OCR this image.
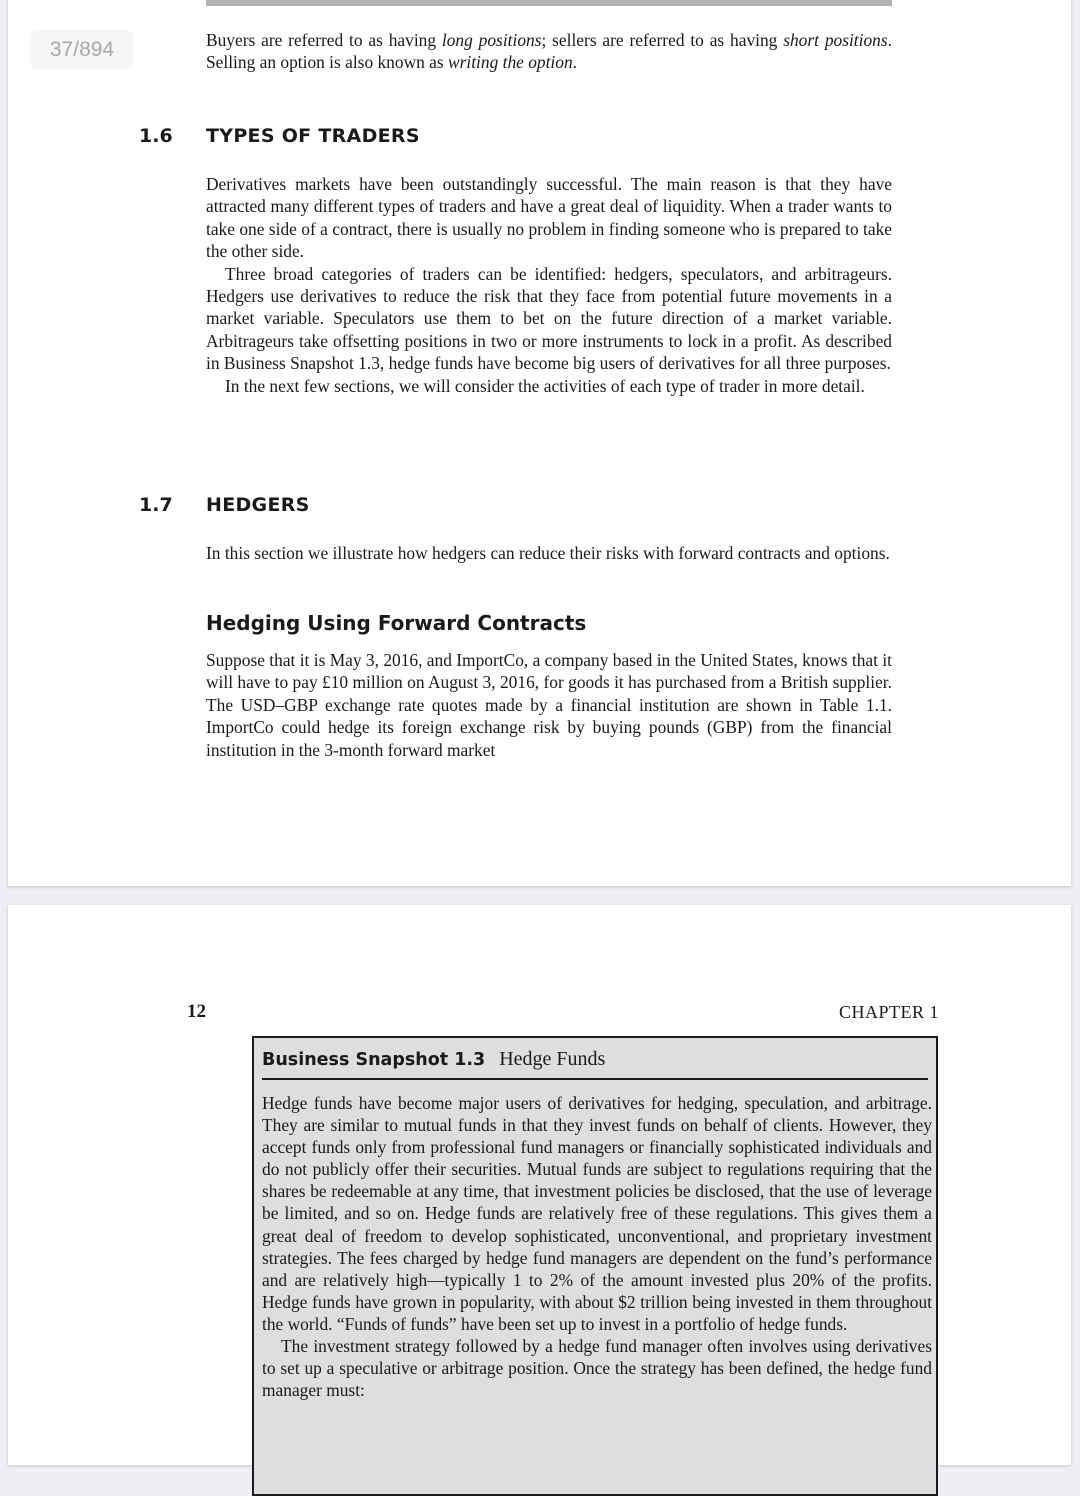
37/894	Buyers are referred to as having long positions; sellers are referred to as having short positions. Selling an option is also known as writing the option.

1.6 TYPES OF TRADERS

Derivatives markets have been outstandingly successful. The main reason is that they have attracted many different types of traders and have a great deal of liquidity. When a trader wants to take one side of a contract, there is usually no problem in finding someone who is prepared to take the other side.

Three broad categories of traders can be identified: hedgers, speculators, and arbitrageurs. Hedgers use derivatives to reduce the risk that they face from potential future movements in a market variable. Speculators use them to bet on the future direction of a market variable. Arbitrageurs take offsetting positions in two or more instruments to lock in a profit. As described in Business Snapshot 1.3, hedge funds have become big users of derivatives for all three purposes.

In the next few sections, we will consider the activities of each type of trader in more detail.

1.7 HEDGERS

In this section we illustrate how hedgers can reduce their risks with forward contracts and options.

Hedging Using Forward Contracts

Suppose that it is May 3, 2016, and ImportCo, a company based in the United States, knows that it will have to pay £10 million on August 3, 2016, for goods it has purchased from a British supplier. The USD–GBP exchange rate quotes made by a financial institution are shown in Table 1.1. ImportCo could hedge its foreign exchange risk by buying pounds (GBP) from the financial institution in the 3-month forward market

12	CHAPTER 1
Business Snapshot 1.3 Hedge Funds

Hedge funds have become major users of derivatives for hedging, speculation, and arbitrage. They are similar to mutual funds in that they invest funds on behalf of clients. However, they accept funds only from professional fund managers or financially sophisticated individuals and do not publicly offer their securities. Mutual funds are subject to regulations requiring that the shares be redeemable at any time, that investment policies be disclosed, that the use of leverage be limited, and so on. Hedge funds are relatively free of these regulations. This gives them a great deal of freedom to develop sophisticated, unconventional, and proprietary investment strategies. The fees charged by hedge fund managers are dependent on the fund’s performance and are relatively high—typically 1 to 2% of the amount invested plus 20% of the profits. Hedge funds have grown in popularity, with about $2 trillion being invested in them throughout the world. “Funds of funds” have been set up to invest in a portfolio of hedge funds.

The investment strategy followed by a hedge fund manager often involves using derivatives to set up a speculative or arbitrage position. Once the strategy has been defined, the hedge fund manager must:
